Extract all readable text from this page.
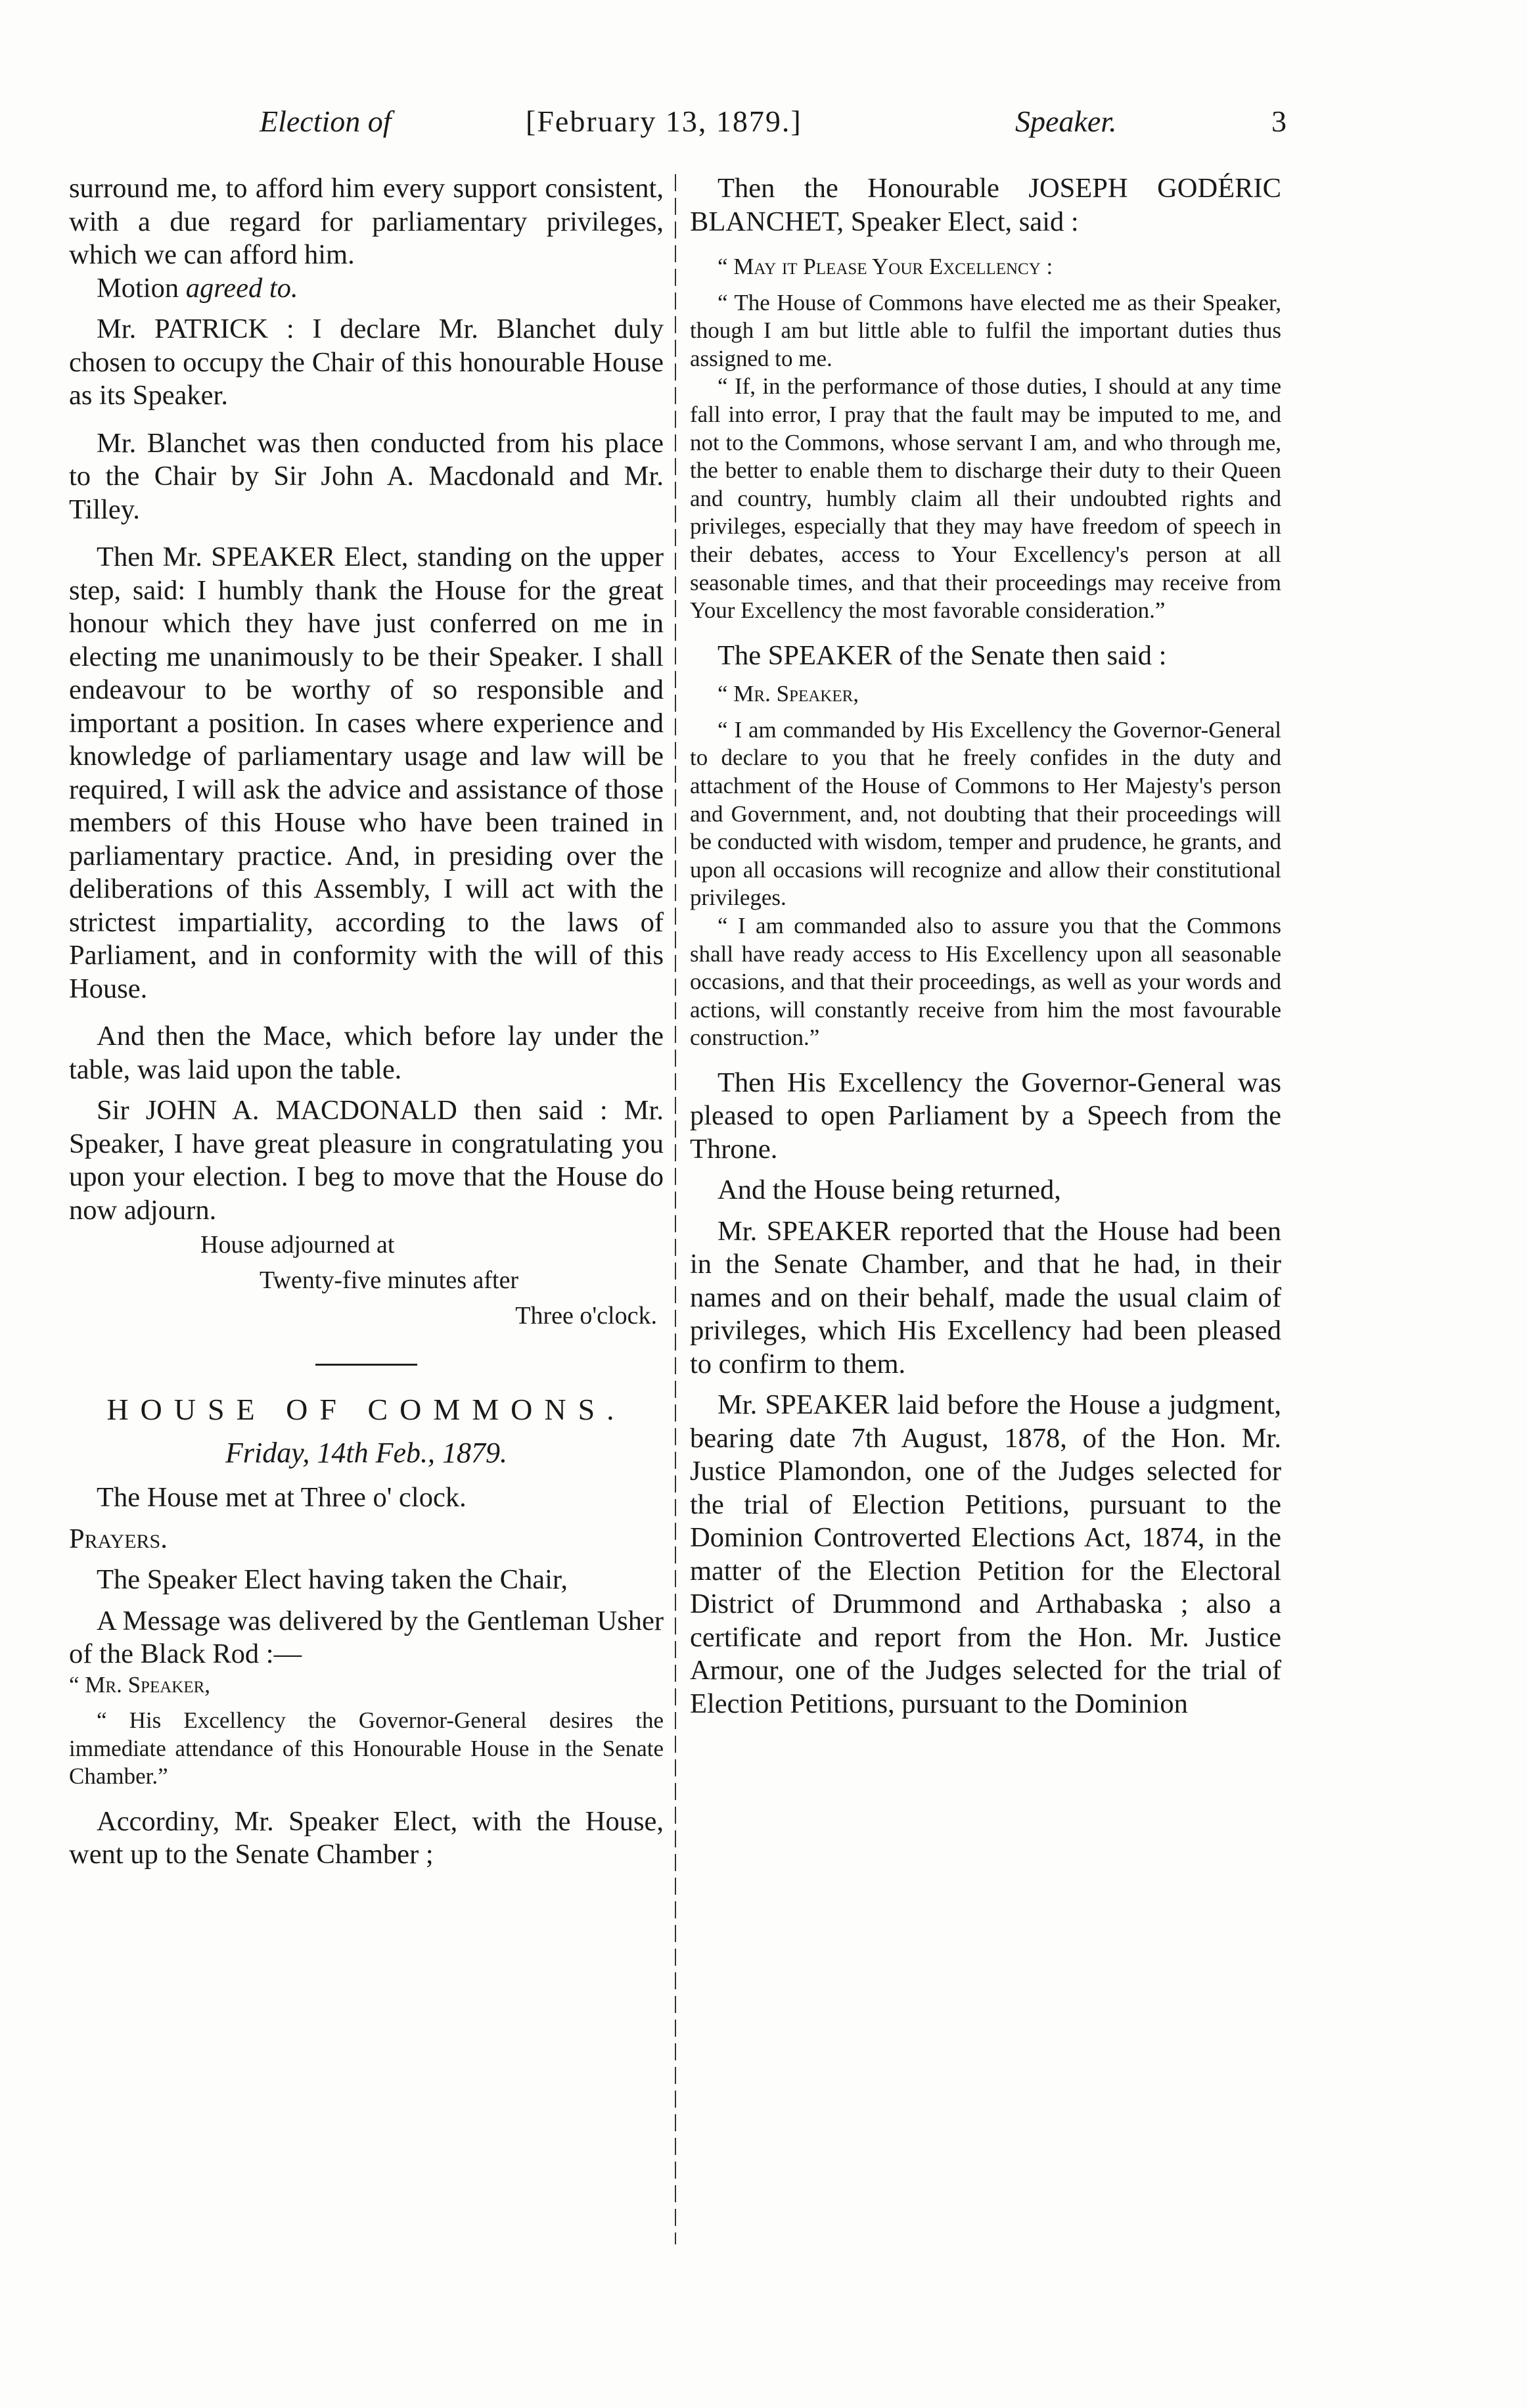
Election of	[February 13, 1879.]	Speaker.	3

surround me, to afford him every support consistent, with a due regard for parliamentary privileges, which we can afford him.

Motion agreed to.

Mr. PATRICK : I declare Mr. Blanchet duly chosen to occupy the Chair of this honourable House as its Speaker.

Mr. Blanchet was then conducted from his place to the Chair by Sir John A. Macdonald and Mr. Tilley.

Then Mr. SPEAKER Elect, standing on the upper step, said: I humbly thank the House for the great honour which they have just conferred on me in electing me unanimously to be their Speaker. I shall endeavour to be worthy of so responsible and important a position. In cases where experience and knowledge of parliamentary usage and law will be required, I will ask the advice and assistance of those members of this House who have been trained in parliamentary practice. And, in presiding over the deliberations of this Assembly, I will act with the strictest impartiality, according to the laws of Parliament, and in conformity with the will of this House.

And then the Mace, which before lay under the table, was laid upon the table.

Sir JOHN A. MACDONALD then said : Mr. Speaker, I have great pleasure in congratulating you upon your election. I beg to move that the House do now adjourn.

House adjourned at
Twenty-five minutes after
Three o'clock.
HOUSE OF COMMONS.
Friday, 14th Feb., 1879.

The House met at Three o' clock.

Prayers.

The Speaker Elect having taken the Chair,

A Message was delivered by the Gentleman Usher of the Black Rod :—

“ Mr. Speaker,

“ His Excellency the Governor-General desires the immediate attendance of this Honourable House in the Senate Chamber.”

Accordiny, Mr. Speaker Elect, with the House, went up to the Senate Chamber ;

Then the Honourable JOSEPH GODÉRIC BLANCHET, Speaker Elect, said :

“ May it Please Your Excellency :

“ The House of Commons have elected me as their Speaker, though I am but little able to fulfil the important duties thus assigned to me.

“ If, in the performance of those duties, I should at any time fall into error, I pray that the fault may be imputed to me, and not to the Commons, whose servant I am, and who through me, the better to enable them to discharge their duty to their Queen and country, humbly claim all their undoubted rights and privileges, especially that they may have freedom of speech in their debates, access to Your Excellency's person at all seasonable times, and that their proceedings may receive from Your Excellency the most favorable consideration.”

The SPEAKER of the Senate then said :

“ Mr. Speaker,

“ I am commanded by His Excellency the Governor-General to declare to you that he freely confides in the duty and attachment of the House of Commons to Her Majesty's person and Government, and, not doubting that their proceedings will be conducted with wisdom, temper and prudence, he grants, and upon all occasions will recognize and allow their constitutional privileges.

“ I am commanded also to assure you that the Commons shall have ready access to His Excellency upon all seasonable occasions, and that their proceedings, as well as your words and actions, will constantly receive from him the most favourable construction.”

Then His Excellency the Governor-General was pleased to open Parliament by a Speech from the Throne.

And the House being returned,

Mr. SPEAKER reported that the House had been in the Senate Chamber, and that he had, in their names and on their behalf, made the usual claim of privileges, which His Excellency had been pleased to confirm to them.

Mr. SPEAKER laid before the House a judgment, bearing date 7th August, 1878, of the Hon. Mr. Justice Plamondon, one of the Judges selected for the trial of Election Petitions, pursuant to the Dominion Controverted Elections Act, 1874, in the matter of the Election Petition for the Electoral District of Drummond and Arthabaska ; also a certificate and report from the Hon. Mr. Justice Armour, one of the Judges selected for the trial of Election Petitions, pursuant to the Dominion
